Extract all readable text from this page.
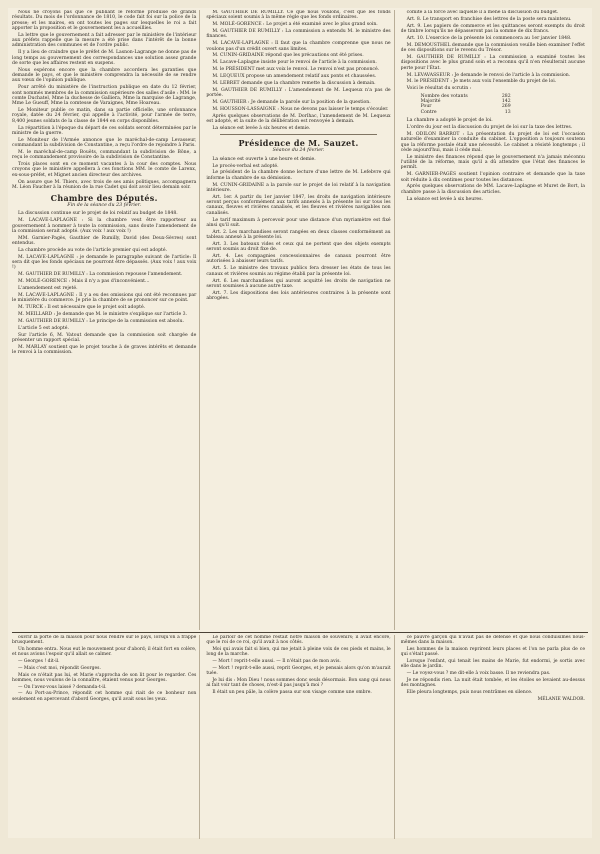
Nous ne croyons pas que ce publiant le réforme produise de grands résultats. Du mois de l'ordonnance de 1810, le code fait foi sur la police de la presse; et les maires, en ont toutes les pages sur lesquelles le roi a fait apporter la proposition et le gouvernement les a accueillies.

La lettre que le gouvernement a fait adresser par le ministère de l'intérieur aux préfets rappelle que la mesure a été prise dans l'intérêt de la bonne administration des communes et de l'ordre public.

Il y a lieu de craindre que le préfet de M. Lasnon-Lagrange ne donne pas de long temps au gouvernement des correspondances une solution assez grande de sorte que les affaires restent en suspens.

Nous espérons encore que la chambre accordera les garanties que demande le pays, et que le ministère comprendra la nécessité de se rendre aux vœux de l'opinion publique.

Pour arrêté du ministère de l'instruction publique en date du 12 février, sont nommés membres de la commission supérieure des salles d'asile : MM. le comte Duchatel, Mme la duchesse de Galliera, Mme la marquise de Lagrange, Mme Le Gueuff, Mme la comtesse de Varaignes, Mme Hoareau.

Le Moniteur publie ce matin, dans sa partie officielle, une ordonnance royale, datée du 24 février, qui appelle à l'activité, pour l'armée de terre, 8,400 jeunes soldats de la classe de 1844 en corps disponibles.

La répartition à l'époque du départ de ces soldats seront déterminées par le ministre de la guerre.

Le Moniteur de l'Armée annonce que le maréchal-de-camp Levasseur, commandant la subdivision de Constantine, a reçu l'ordre de rejoindre à Paris.

M. le maréchal-de-camp Bouëts, commandant la subdivision de Bône, a reçu le commandement provisoire de la subdivision de Constantine.

Trois places sont en ce moment vacantes à la cour des comptes. Nous croyons que le ministère appellera à ces fonctions MM. le comte de Larenx, ex-sous-préfet, et Mignet ancien directeur des archives.

On assure que M. Thiers, avec trois de ses amis politiques, accompagnera M. Léon Faucher à la réunion de la rue Cadet qui doit avoir lieu demain soir.

Chambre des Députés.

Fin de la séance du 23 février.

La discussion continue sur le projet de loi relatif au budget de 1848.

M. LACAVE-LAPLAGNE : Si la chambre veut être rapporteur au gouvernement à nommer à toute la commission, sans doute l'amendement de la commission serait adopté. (Aux voix ! aux voix !)

MM. Garnier-Pagès, Gauthier de Rumilly, David (des Deux-Sèvres) sont entendus.

La chambre procède au vote de l'article premier qui est adopté.

M. LACAVE-LAPLAGNE : je demande le paragraphe suivant de l'article: Il sera dit que les fonds spéciaux ne pourront être dépassés. (Aux voix ! aux voix !)

M. GAUTHIER DE RUMILLY : La commission repousse l'amendement.

M. MOLÉ-GORENCE : Mais il n'y a pas d'inconvénient...

L'amendement est rejeté.

M. LACAVE-LAPLAGNE : Il y a eu des omissions qui ont été reconnues par le ministère du commerce. Je prie la chambre de se prononcer sur ce point.

M. TURCK : Il est nécessaire que le projet soit adopté.

M. MEILLARD : Je demande que M. le ministre s'explique sur l'article 3.

M. GAUTHIER DE RUMILLY : Le principe de la commission est absolu.

L'article 5 est adopté.

Sur l'article 6, M. Vatout demande que la commission soit chargée de présenter un rapport spécial.

M. MARLAY soutient que le projet touche à de graves intérêts et demande le renvoi à la commission.

M. GAUTHIER DE RUMILLY. Ce que nous voulons, c'est que les fonds spéciaux soient soumis à la même règle que les fonds ordinaires.

M. MOLÉ-GORENCE : Le projet a été examiné avec le plus grand soin.

M. GAUTHIER DE RUMILLY : La commission a entendu M. le ministre des finances.

M. LACAVE-LAPLAGNE : Il faut que la chambre comprenne que nous ne voulons pas d'un crédit ouvert sans limites.

M. CUNIN-GRIDAINE répond que les précautions ont été prises.

M. Lacave-Laplagne insiste pour le renvoi de l'article à la commission.

M. le PRÉSIDENT met aux voix le renvoi. Le renvoi n'est pas prononcé.

M. LEQUEUX propose un amendement relatif aux ponts et chaussées.

M. LEBRET demande que la chambre remette la discussion à demain.

M. GAUTHIER DE RUMILLY : L'amendement de M. Lequeux n'a pas de portée.

M. GAUTHIER : Je demande la parole sur la position de la question.

M. HOUSSON-LASSAIGNE : Nous ne devons pas laisser le temps s'écouler.

Après quelques observations de M. Dorlhac, l'amendement de M. Lequeux est adopté, et la suite de la délibération est renvoyée à demain.

La séance est levée à six heures et demie.

Présidence de M. Sauzet.

Séance du 24 février.

La séance est ouverte à une heure et demie.

Le procès-verbal est adopté.

Le président de la chambre donne lecture d'une lettre de M. Lefebvre qui informe la chambre de sa démission.

M. CUNIN-GRIDAINE a la parole sur le projet de loi relatif à la navigation intérieure.

Art. 1er. A partir du 1er janvier 1847, les droits de navigation intérieure seront perçus conformément aux tarifs annexés à la présente loi sur tous les canaux, fleuves et rivières canalisés, et les fleuves et rivières navigables non canalisés.

Le tarif maximum à percevoir pour une distance d'un myriamètre est fixé ainsi qu'il suit.

Art. 2. Les marchandises seront rangées en deux classes conformément au tableau annexé à la présente loi.

Art. 3. Les bateaux vides et ceux qui ne portent que des objets exempts seront soumis au droit fixe de.

Art. 4. Les compagnies concessionnaires de canaux pourront être autorisées à abaisser leurs tarifs.

Art. 5. Le ministre des travaux publics fera dresser les états de tous les canaux et rivières soumis au régime établi par la présente loi.

Art. 6. Les marchandises qui auront acquitté les droits de navigation ne seront soumises à aucune autre taxe.

Art. 7. Les dispositions des lois antérieures contraires à la présente sont abrogées.

comité à la force avec laquelle il a mené la discussion du budget.

Art. 8. Le transport en franchise des lettres de la poste sera maintenu.

Art. 9. Les papiers de commerce et les quittances seront exempts du droit de timbre lorsqu'ils ne dépasseront pas la somme de dix francs.

Art. 10. L'exercice de la présente loi commencera au 1er janvier 1848.

M. DEMOUSTHEL demande que la commission veuille bien examiner l'effet de ces dispositions sur le revenu du Trésor.

M. GAUTHIER DE RUMILLY : La commission a examiné toutes les dispositions avec le plus grand soin et a reconnu qu'il n'en résulterait aucune perte pour l'État.

M. LEVAVASSEUR : Je demande le renvoi de l'article à la commission.

M. le PRÉSIDENT : Je mets aux voix l'ensemble du projet de loi.

Voici le résultat du scrutin :

Nombre des votants	282
Majorité	142
Pour	269
Contre	13

La chambre a adopté le projet de loi.

L'ordre du jour est la discussion du projet de loi sur la taxe des lettres.

M. ODILON BARROT : La présentation du projet de loi est l'occasion naturelle d'examiner la conduite du cabinet. L'opposition a toujours soutenu que la réforme postale était une nécessité. Le cabinet a résisté longtemps ; il cède aujourd'hui, mais il cède mal.

Le ministre des finances répond que le gouvernement n'a jamais méconnu l'utilité de la réforme, mais qu'il a dû attendre que l'état des finances le permît.

M. GARNIER-PAGÈS soutient l'opinion contraire et demande que la taxe soit réduite à dix centimes pour toutes les distances.

Après quelques observations de MM. Lacave-Laplagne et Muret de Bort, la chambre passe à la discussion des articles.

La séance est levée à six heures.

ouvrir la porte de la maison pour nous rendre sur le pays, lorsqu'on a frappé brusquement.

Un homme entra. Nous eut le mouvement pour d'abord; il était fort en colère, et nous avions l'espoir qu'il allait se calmer.

— Georges ! dit-il.

— Mais c'est moi, répondit Georges.

Mais ce n'était pas lui, et Marie s'approcha de son lit pour le regarder. Ces hommes, nous voulons de la connaître, étaient venus pour Georges.

— On l'avez-vous laissé ? demanda-t-il.

— Au Port-au-Prince, répondit cet homme qui riait de ce bonheur non seulement en apercevant d'abord Georges, qu'il avait sous les yeux.

Le parloir de cet homme restait notre maison de souvenirs; il avait encore, que le roi de ce roi, qu'il avait à nos côtés.

Moi qui avais fait si bien, qui me jetait à pleine voix de ces pieds et mains, le long de la marche.

— Mort ! reprit-t-elle aussi. — Il n'était pas de mon avis.

— Mort ! reprit-t-elle aussi, reprit Georges, et je pensais alors qu'on m'aurait tuée.

Je lui dis : Mon Dieu ! nous sommes donc seuls désormais. Bon sang qui nous ai fait voir tant de choses, n'est-il pas jusqu'à moi ?

Il était un peu pâle, la colère passa sur son visage comme une ombre.

ce pauvre garçon qui n'avait pas de défense et que nous conduisîmes nous-mêmes dans la maison.

Les hommes de la maison reprirent leurs places et l'on ne parla plus de ce qui s'était passé.

Lorsque l'enfant, qui tenait les mains de Marie, fut endormi, je sortis avec elle dans le jardin.

— Le voyez-vous ? me dit-elle à voix basse. Il ne reviendra pas.

Je ne répondis rien. La nuit était tombée, et les étoiles se levaient au-dessus des montagnes.

Elle pleura longtemps, puis nous rentrâmes en silence.

MÉLANIE WALDOR.
